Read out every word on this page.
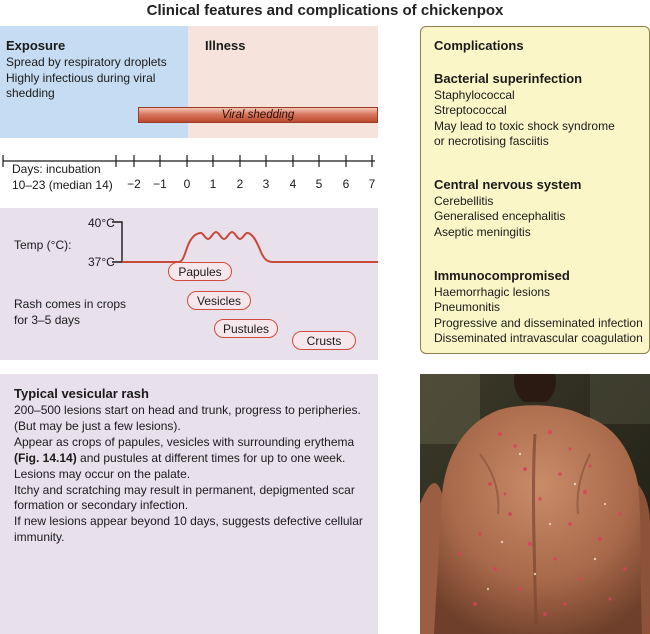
Clinical features and complications of chickenpox
Exposure
Spread by respiratory droplets
Highly infectious during viral
shedding
Illness
Viral shedding
Days: incubation
10–23 (median 14) −2 −1	0	1	2	3	4	5	6	7
40°C
Temp (°C):
37°C
Rash comes in crops
for 3–5 days
Papules
Vesicles
Pustules
Crusts
Complications
Bacterial superinfection
Staphylococcal
Streptococcal
May lead to toxic shock syndrome
or necrotising fasciitis
Central nervous system
Cerebellitis
Generalised encephalitis
Aseptic meningitis
Immunocompromised
Haemorrhagic lesions
Pneumonitis
Progressive and disseminated infection
Disseminated intravascular coagulation
Typical vesicular rash
200–500 lesions start on head and trunk, progress to peripheries.
(But may be just a few lesions).
Appear as crops of papules, vesicles with surrounding erythema
(Fig. 14.14) and pustules at different times for up to one week.
Lesions may occur on the palate.
Itchy and scratching may result in permanent, depigmented scar
formation or secondary infection.
If new lesions appear beyond 10 days, suggests defective cellular
immunity.
